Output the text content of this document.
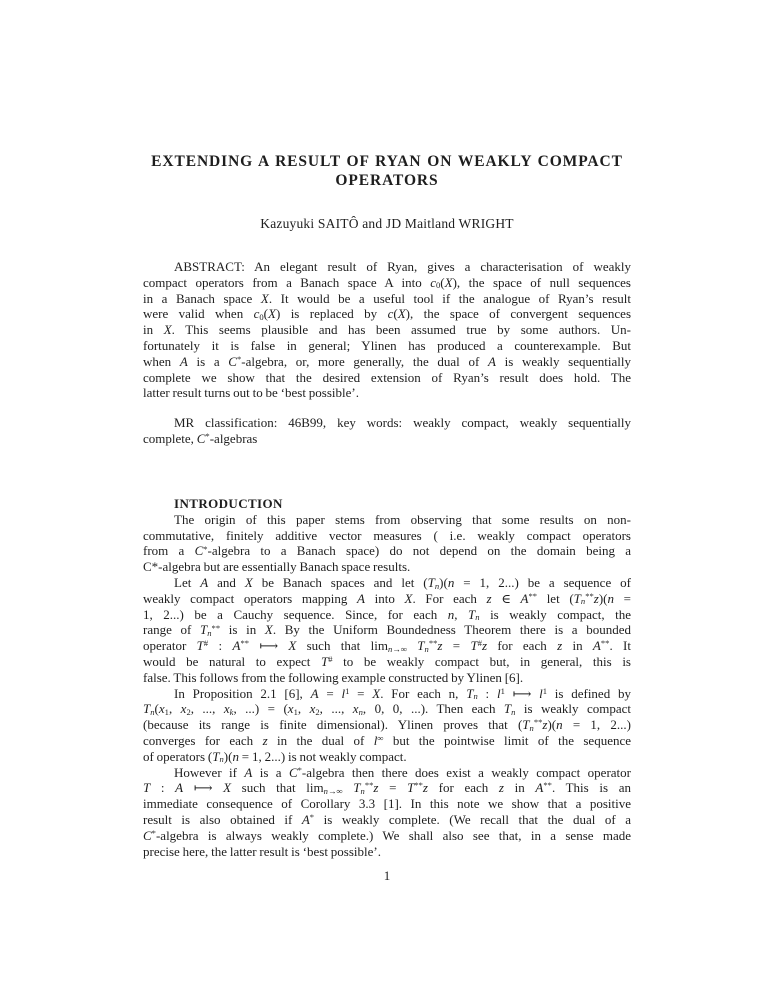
EXTENDING A RESULT OF RYAN ON WEAKLY COMPACT
OPERATORS
Kazuyuki SAITÔ and JD Maitland WRIGHT
ABSTRACT: An elegant result of Ryan, gives a characterisation of weakly
compact operators from a Banach space A into $c_0(X)$, the space of null sequences
in a Banach space X. It would be a useful tool if the analogue of Ryan’s result
were valid when $c_0(X)$ is replaced by c(X), the space of convergent sequences
in X. This seems plausible and has been assumed true by some authors. Un-
fortunately it is false in general; Ylinen has produced a counterexample. But
when A is a C*-algebra, or, more generally, the dual of A is weakly sequentially
complete we show that the desired extension of Ryan’s result does hold. The
latter result turns out to be ‘best possible’.
MR classification: 46B99, key words: weakly compact, weakly sequentially
complete, C*-algebras
INTRODUCTION
The origin of this paper stems from observing that some results on non-
commutative, finitely additive vector measures ( i.e. weakly compact operators
from a C*-algebra to a Banach space) do not depend on the domain being a
C*-algebra but are essentially Banach space results.
Let A and X be Banach spaces and let $(T_n)(n = 1$, 2...) be a sequence of
weakly compact operators mapping A into X. For each z ∈ A** let $(T_n^{**}z)(n$ =
1, 2...) be a Cauchy sequence. Since, for each n, $T_n$ is weakly compact, the
range of $T_n^{**}$ is in X. By the Uniform Boundedness Theorem there is a bounded
operator T# : A** ⟼ X such that $\lim_{n\to\infty} T_n^{**}z = T^{\#}z$ for each z in A**. It
would be natural to expect T# to be weakly compact but, in general, this is
false. This follows from the following example constructed by Ylinen [6].
In Proposition 2.1 [6], $A = l^1 = X$. For each n, $T_n$ : $l^1$ ⟼ $l^1$ is defined by
$T_n(x_1$, $x_2$, ..., $x_k$, ...) = ($x_1$, $x_2$, ..., $x_n$, 0, 0, ...). Then each $T_n$ is weakly compact
(because its range is finite dimensional). Ylinen proves that $(T_n^{**}z)(n = 1$, 2...)
converges for each z in the dual of l∞ but the pointwise limit of the sequence
of operators $(T_n)(n = 1$, 2...) is not weakly compact.
However if A is a C*-algebra then there does exist a weakly compact operator
T : A ⟼ X such that $\lim_{n\to\infty} T_n^{**}z = T^{**}z$ for each z in A**. This is an
immediate consequence of Corollary 3.3 [1]. In this note we show that a positive
result is also obtained if A* is weakly complete. (We recall that the dual of a
C*-algebra is always weakly complete.) We shall also see that, in a sense made
precise here, the latter result is ‘best possible’.
1
